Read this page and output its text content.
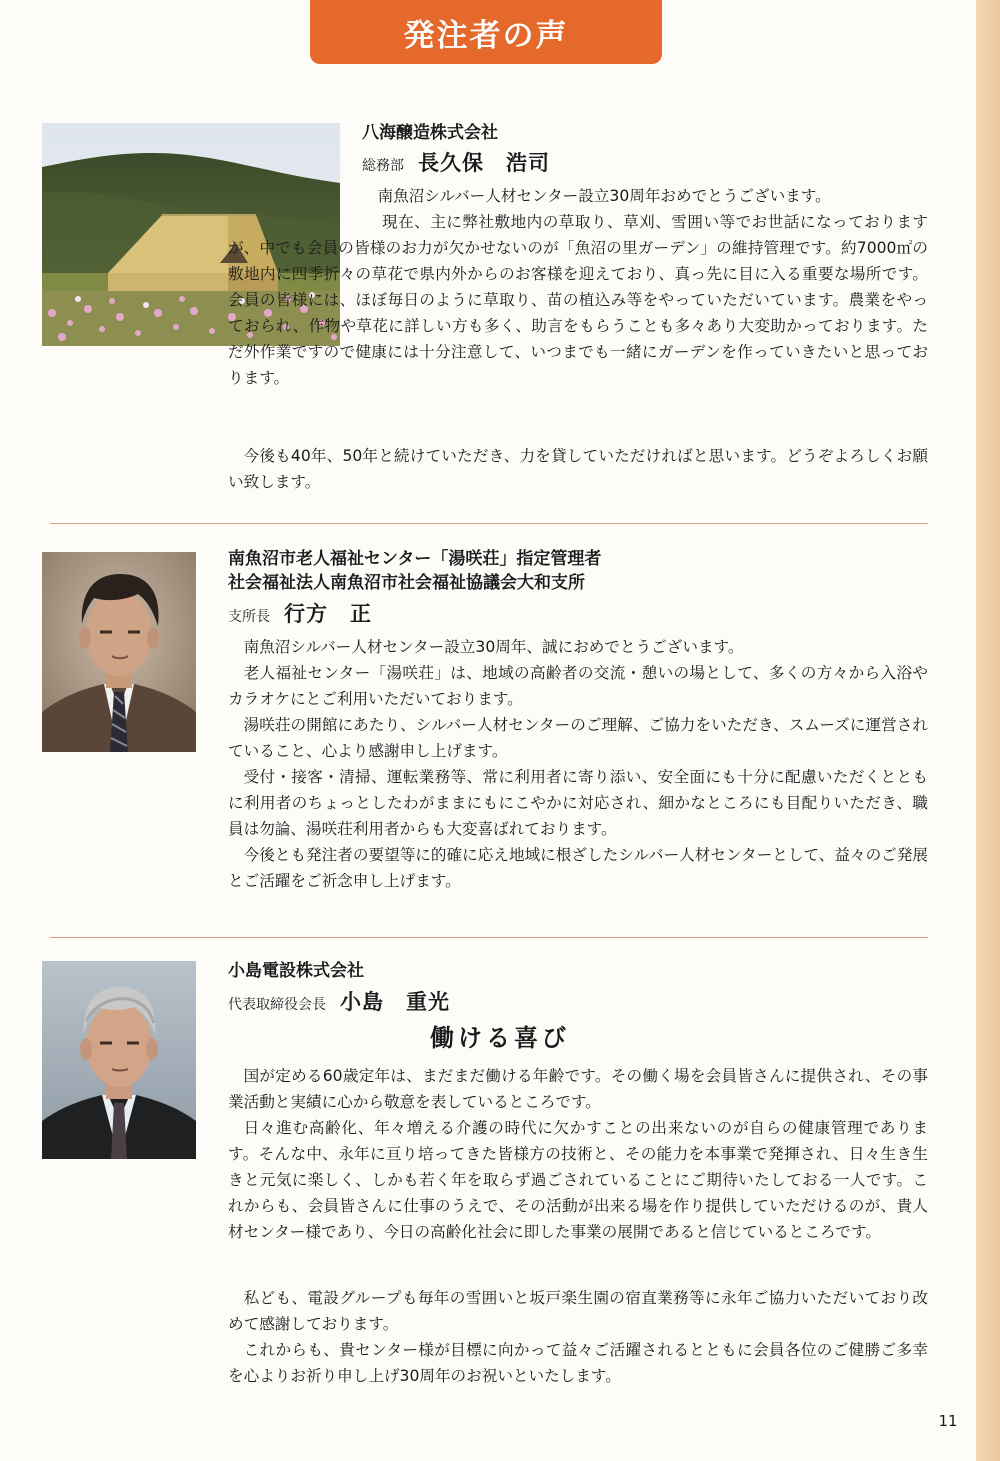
発注者の声
八海醸造株式会社
総務部 長久保　浩司

南魚沼シルバー人材センター設立30周年おめでとうございます。

現在、主に弊社敷地内の草取り、草刈、雪囲い等でお世話になっておりますが、中でも会員の皆様のお力が欠かせないのが「魚沼の里ガーデン」の維持管理です。約7000㎡の敷地内に四季折々の草花で県内外からのお客様を迎えており、真っ先に目に入る重要な場所です。会員の皆様には、ほぼ毎日のように草取り、苗の植込み等をやっていただいています。農業をやっておられ、作物や草花に詳しい方も多く、助言をもらうことも多々あり大変助かっております。ただ外作業ですので健康には十分注意して、いつまでも一緒にガーデンを作っていきたいと思っております。

今後も40年、50年と続けていただき、力を貸していただければと思います。どうぞよろしくお願い致します。

南魚沼市老人福祉センター「湯咲荘」指定管理者
社会福祉法人南魚沼市社会福祉協議会大和支所
支所長 行方　正

南魚沼シルバー人材センター設立30周年、誠におめでとうございます。

老人福祉センター「湯咲荘」は、地域の高齢者の交流・憩いの場として、多くの方々から入浴やカラオケにとご利用いただいております。

湯咲荘の開館にあたり、シルバー人材センターのご理解、ご協力をいただき、スムーズに運営されていること、心より感謝申し上げます。

受付・接客・清掃、運転業務等、常に利用者に寄り添い、安全面にも十分に配慮いただくとともに利用者のちょっとしたわがままにもにこやかに対応され、細かなところにも目配りいただき、職員は勿論、湯咲荘利用者からも大変喜ばれております。

今後とも発注者の要望等に的確に応え地域に根ざしたシルバー人材センターとして、益々のご発展とご活躍をご祈念申し上げます。

小島電設株式会社
代表取締役会長 小島　重光
働ける喜び

国が定める60歳定年は、まだまだ働ける年齢です。その働く場を会員皆さんに提供され、その事業活動と実績に心から敬意を表しているところです。

日々進む高齢化、年々増える介護の時代に欠かすことの出来ないのが自らの健康管理であります。そんな中、永年に亘り培ってきた皆様方の技術と、その能力を本事業で発揮され、日々生き生きと元気に楽しく、しかも若く年を取らず過ごされていることにご期待いたしておる一人です。これからも、会員皆さんに仕事のうえで、その活動が出来る場を作り提供していただけるのが、貴人材センター様であり、今日の高齢化社会に即した事業の展開であると信じているところです。

私ども、電設グループも毎年の雪囲いと坂戸楽生園の宿直業務等に永年ご協力いただいており改めて感謝しております。

これからも、貴センター様が目標に向かって益々ご活躍されるとともに会員各位のご健勝ご多幸を心よりお祈り申し上げ30周年のお祝いといたします。

11
